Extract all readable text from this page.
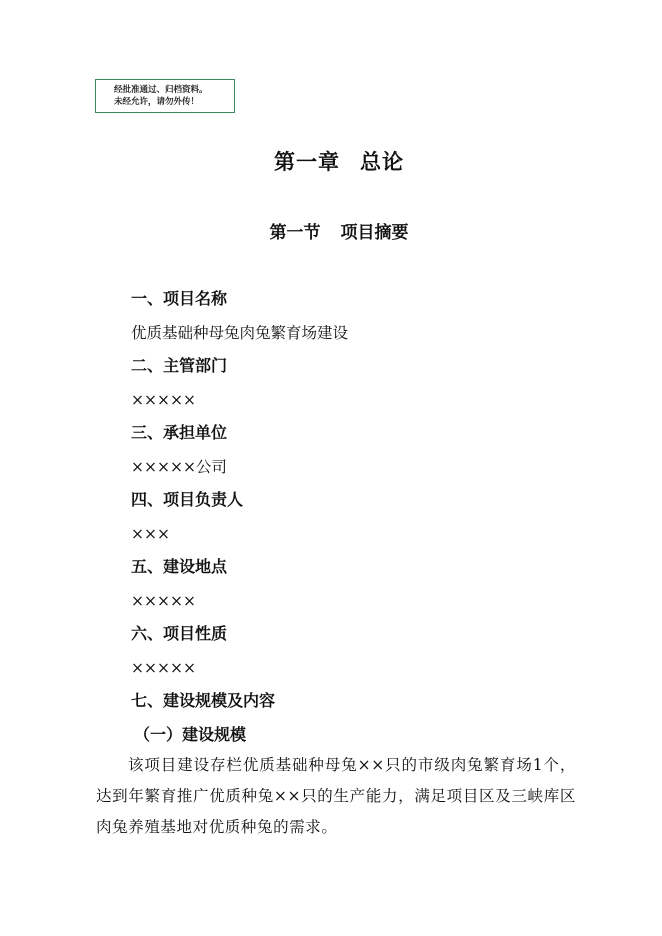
经批准通过、归档资料。
未经允许，请勿外传！
第一章 总论
第一节 项目摘要
一、项目名称
优质基础种母兔肉兔繁育场建设
二、主管部门
×××××
三、承担单位
×××××公司
四、项目负责人
×××
五、建设地点
×××××
六、项目性质
×××××
七、建设规模及内容
（一）建设规模
该项目建设存栏优质基础种母兔××只的市级肉兔繁育场1个，达到年繁育推广优质种兔××只的生产能力，满足项目区及三峡库区肉兔养殖基地对优质种兔的需求。
